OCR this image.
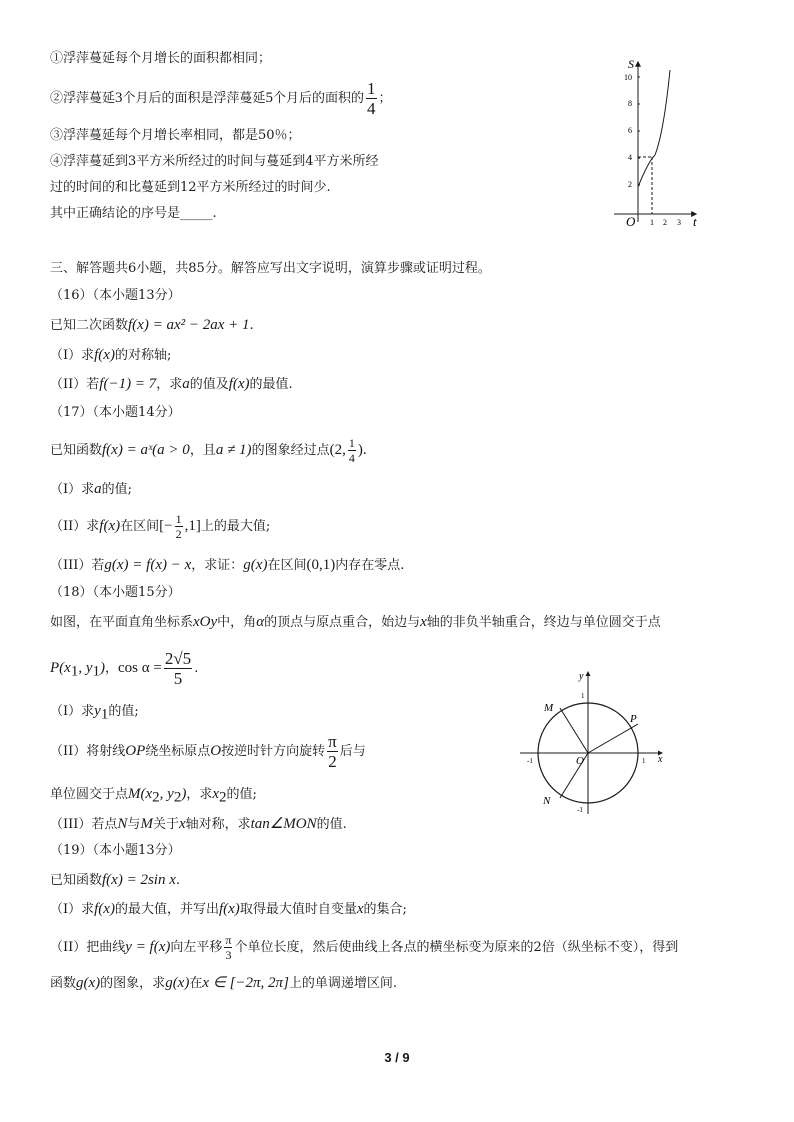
①浮萍蔓延每个月增长的面积都相同；
②浮萍蔓延3个月后的面积是浮萍蔓延5个月后的面积的 $\frac{1}{4}$ ；
③浮萍蔓延每个月增长率相同，都是50％；
④浮萍蔓延到3平方米所经过的时间与蔓延到4平方米所经
过的时间的和比蔓延到12平方米所经过的时间少.
其中正确结论的序号是_____.
S
t
O
10
8
6
4
2
1 2 3
三、解答题共6小题，共85分。解答应写出文字说明，演算步骤或证明过程。
（16）（本小题13分）
已知二次函数f(x) = ax² − 2ax + 1.
（I）求f(x)的对称轴;
（II）若f(−1) = 7，求a的值及f(x)的最值.
（17）（本小题14分）
已知函数f(x) = aˣ(a > 0，且a ≠ 1)的图象经过点(2, $\frac{1}{4}$ ).
（I）求a的值;
（II）求f(x)在区间[− $\frac{1}{2} ,1$]上的最大值;
（III）若g(x) = f(x) − x，求证：g(x)在区间(0,1)内存在零点.
（18）（本小题15分）
如图，在平面直角坐标系xOy中，角α的顶点与原点重合，始边与x轴的非负半轴重合，终边与单位圆交于点
$P(x_1$, $y_1$)，$\cos \alpha = \frac{2√5}{5}$ .
（I）求$y_1$的值;
（II）将射线OP绕坐标原点O按逆时针方向旋转 $\frac{\pi}{2}$ 后与
单位圆交于点$M(x_2$, $y_2$)，求$x_2$的值;
（III）若点N与M关于x轴对称，求tan∠MON的值.
y
x
O
M
N
P
1
-1
-1	1
（19）（本小题13分）
已知函数f(x) = 2sin x.
（I）求f(x)的最大值，并写出f(x)取得最大值时自变量x的集合;
（II）把曲线y = f(x)向左平移 $\frac{\pi}{3}$ 个单位长度，然后使曲线上各点的横坐标变为原来的2倍（纵坐标不变），得到
函数g(x)的图象，求g(x)在x ∈ [−2π, 2π]上的单调递增区间.
3 / 9
